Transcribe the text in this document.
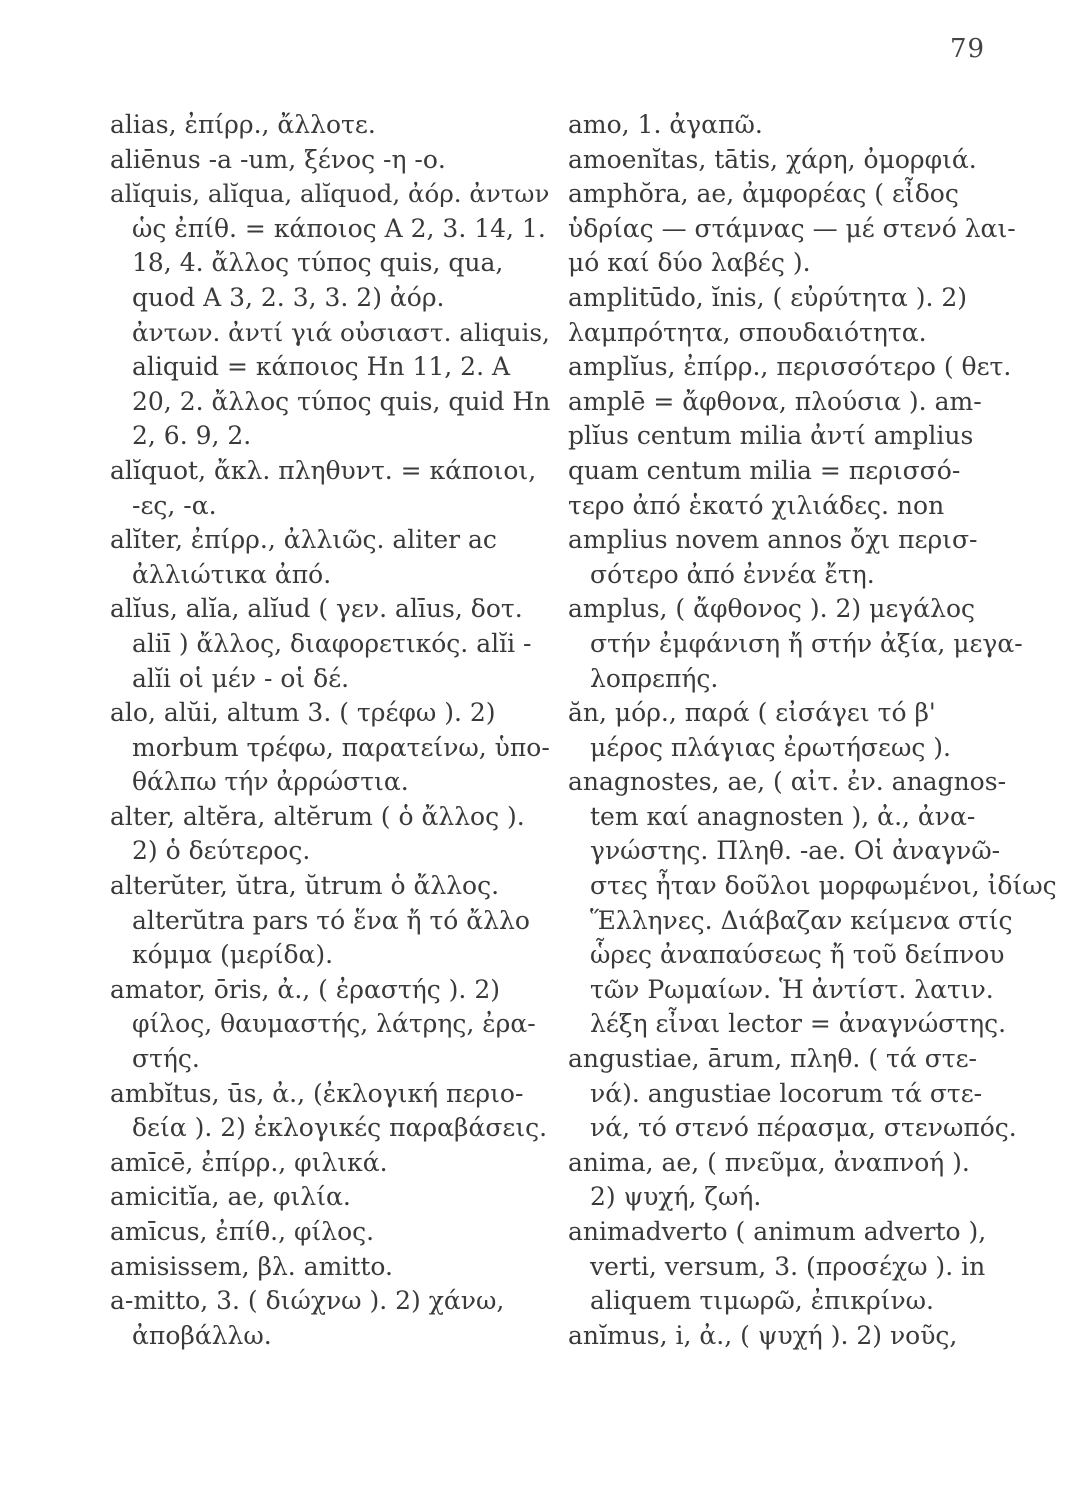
79
alias, ἐπίρρ., ἄλλοτε.
aliēnus -a -um, ξένος -η -ο.
alĭquis, alĭqua, alĭquod, ἀόρ. ἀντων
ὡς ἐπίθ. = κάποιος A 2, 3. 14, 1.
18, 4. ἄλλος τύπος quis, qua,
quod A 3, 2. 3, 3. 2) ἀόρ.
ἀντων. ἀντί γιά οὐσιαστ. aliquis,
aliquid = κάποιος Hn 11, 2. A
20, 2. ἄλλος τύπος quis, quid Hn
2, 6. 9, 2.
alĭquot, ἄκλ. πληθυντ. = κάποιοι,
-ες, -α.
alĭter, ἐπίρρ., ἀλλιῶς. aliter ac
ἀλλιώτικα ἀπό.
alĭus, alĭa, alĭud ( γεν. alīus, δοτ.
aliī ) ἄλλος, διαφορετικός. alĭi -
alĭi οἱ μέν - οἱ δέ.
alo, alŭi, altum 3. ( τρέφω ). 2)
morbum τρέφω, παρατείνω, ὑπο-
θάλπω τήν ἀρρώστια.
alter, altĕra, altĕrum ( ὁ ἄλλος ).
2) ὁ δεύτερος.
alterŭter, ŭtra, ŭtrum ὁ ἄλλος.
alterŭtra pars τό ἕνα ἤ τό ἄλλο
κόμμα (μερίδα).
amator, ōris, ἀ., ( ἐραστής ). 2)
φίλος, θαυμαστής, λάτρης, ἐρα-
στής.
ambĭtus, ūs, ἀ., (ἐκλογική περιο-
δεία ). 2) ἐκλογικές παραβάσεις.
amīcē, ἐπίρρ., φιλικά.
amicitĭa, ae, φιλία.
amīcus, ἐπίθ., φίλος.
amisissem, βλ. amitto.
a-mitto, 3. ( διώχνω ). 2) χάνω,
ἀποβάλλω.
amo, 1. ἀγαπῶ.
amoenĭtas, tātis, χάρη, ὀμορφιά.
amphŏra, ae, ἀμφορέας ( εἶδος
ὑδρίας — στάμνας — μέ στενό λαι-
μό καί δύο λαβές ).
amplitūdo, ĭnis, ( εὐρύτητα ). 2)
λαμπρότητα, σπουδαιότητα.
amplĭus, ἐπίρρ., περισσότερο ( θετ.
amplē = ἄφθονα, πλούσια ). am-
plĭus centum milia ἀντί amplius
quam centum milia = περισσό-
τερο ἀπό ἑκατό χιλιάδες. non
amplius novem annos ὄχι περισ-
σότερο ἀπό ἐννέα ἔτη.
amplus, ( ἄφθονος ). 2) μεγάλος
στήν ἐμφάνιση ἤ στήν ἀξία, μεγα-
λοπρεπής.
ăn, μόρ., παρά ( εἰσάγει τό β'
μέρος πλάγιας ἐρωτήσεως ).
anagnostes, ae, ( αἰτ. ἐν. anagnos-
tem καί anagnosten ), ἀ., ἀνα-
γνώστης. Πληθ. -ae. Οἱ ἀναγνῶ-
στες ἦταν δοῦλοι μορφωμένοι, ἰδίως
Ἕλληνες. Διάβαζαν κείμενα στίς
ὧρες ἀναπαύσεως ἤ τοῦ δείπνου
τῶν Ρωμαίων. Ἡ ἀντίστ. λατιν.
λέξη εἶναι lector = ἀναγνώστης.
angustiae, ārum, πληθ. ( τά στε-
νά). angustiae locorum τά στε-
νά, τό στενό πέρασμα, στενωπός.
anima, ae, ( πνεῦμα, ἀναπνοή ).
2) ψυχή, ζωή.
animadverto ( animum adverto ),
verti, versum, 3. (προσέχω ). in
aliquem τιμωρῶ, ἐπικρίνω.
anĭmus, i, ἀ., ( ψυχή ). 2) νοῦς,
